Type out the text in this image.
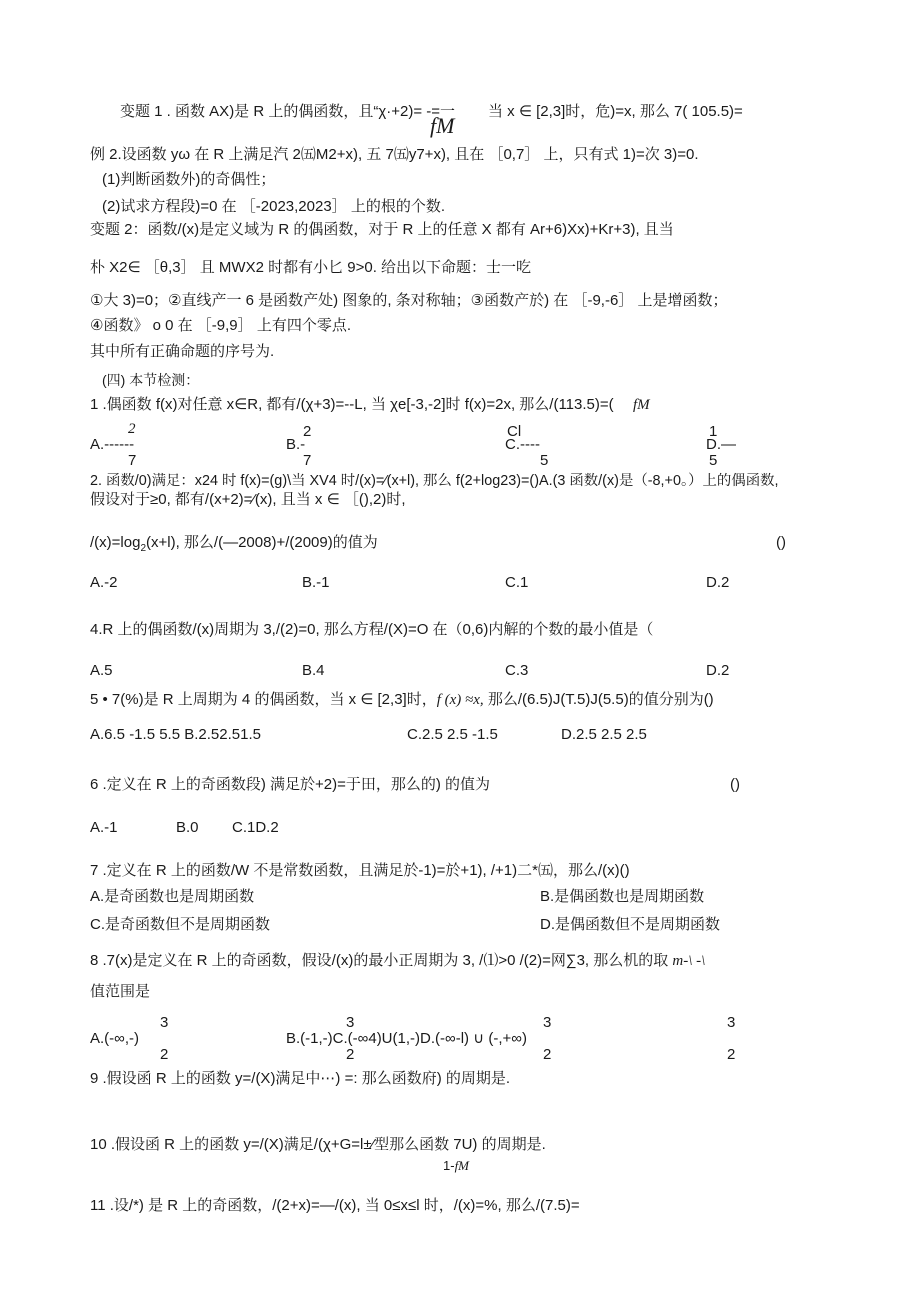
变题 1 . 函数 AX)是 R 上的偶函数，且“χ·+2)= -=一
fM
当 x ∈ [2,3]时，危)=x, 那么 7( 105.5)=
例 2.设函数 yω 在 R 上满足汽 2㈤M2+x), 五 7㈤y7+x), 且在 ［0,7］ 上，只有式 1)=次 3)=0.
(1)判断函数外)的奇偶性；
(2)试求方程段)=0 在 ［-2023,2023］ 上的根的个数.
变题 2：函数/(x)是定义域为 R 的偶函数，对于 R 上的任意 X 都有 Ar+6)Xx)+Kr+3), 且当
朴 X2∈ ［θ,3］ 且 MWX2 时都有小匕 9>0. 给出以下命题：士一吃
①大 3)=0；②直线产一 6 是函数产处) 图象的, 条对称轴；③函数产於) 在 ［-9,-6］ 上是增函数；
④函数》 ο 0 在 ［-9,9］ 上有四个零点.
其中所有正确命题的序号为.
(四) 本节检测：
1 .偶函数 f(x)对任意 x∈R, 都有/(χ+3)=--L, 当 χe[-3,-2]时 f(x)=2x, 那么/(113.5)=( fM
2
A.------
7
2
B.-
7
Cl
C.----
5
1
D.—
5
2. 函数/0)满足：x24 时 f(x)=(g)\当 XV4 时/(x)=⁄(x+l), 那么 f(2+log23)=()A.(3 函数/(x)是（-8,+0。）上的偶函数,
假设对于≥0, 都有/(x+2)=⁄(x), 且当 x ∈ ［(),2)时,
$/(x)=\log_2(x+l)$, 那么/(—2008)+/(2009)的值为	()
A.-2	B.-1	C.1	D.2
4.R 上的偶函数/(x)周期为 3,/(2)=0, 那么方程/(X)=O 在（0,6)内解的个数的最小值是（
A.5	B.4	C.3	D.2
5 • 7(%)是 R 上周期为 4 的偶函数，当 x ∈ [2,3]时，f (x) ≈x, 那么/(6.5)J(T.5)J(5.5)的值分别为()
A.6.5 -1.5 5.5 B.2.52.51.5	C.2.5 2.5 -1.5	D.2.5 2.5 2.5
6 .定义在 R 上的奇函数段) 满足於+2)=于田，那么的) 的值为	()
A.-1	B.0 C.1D.2
7 .定义在 R 上的函数/W 不是常数函数，且满足於-1)=於+1), /+1)二*㈤，那么/(x)()
A.是奇函数也是周期函数	B.是偶函数也是周期函数
C.是奇函数但不是周期函数	D.是偶函数但不是周期函数
8 .7(x)是定义在 R 上的奇函数，假设/(x)的最小正周期为 3, /⑴>0 /(2)=网∑3, 那么机的取 m-\ -\
值范围是
3	3	3	3
A.(-∞,-)	B.(-1,-)C.(-∞4)U(1,-)D.(-∞-l) ∪ (-,+∞)
2	2	2	2
9 .假设函 R 上的函数 y=/(X)满足中⋯) =: 那么函数府) 的周期是.
10 .假设函 R 上的函数 y=/(X)满足/(χ+G=l±⁄型那么函数 7U) 的周期是.
1-fM
11 .设/*) 是 R 上的奇函数，/(2+x)=—/(x), 当 0≤x≤l 时，/(x)=%, 那么/(7.5)=
